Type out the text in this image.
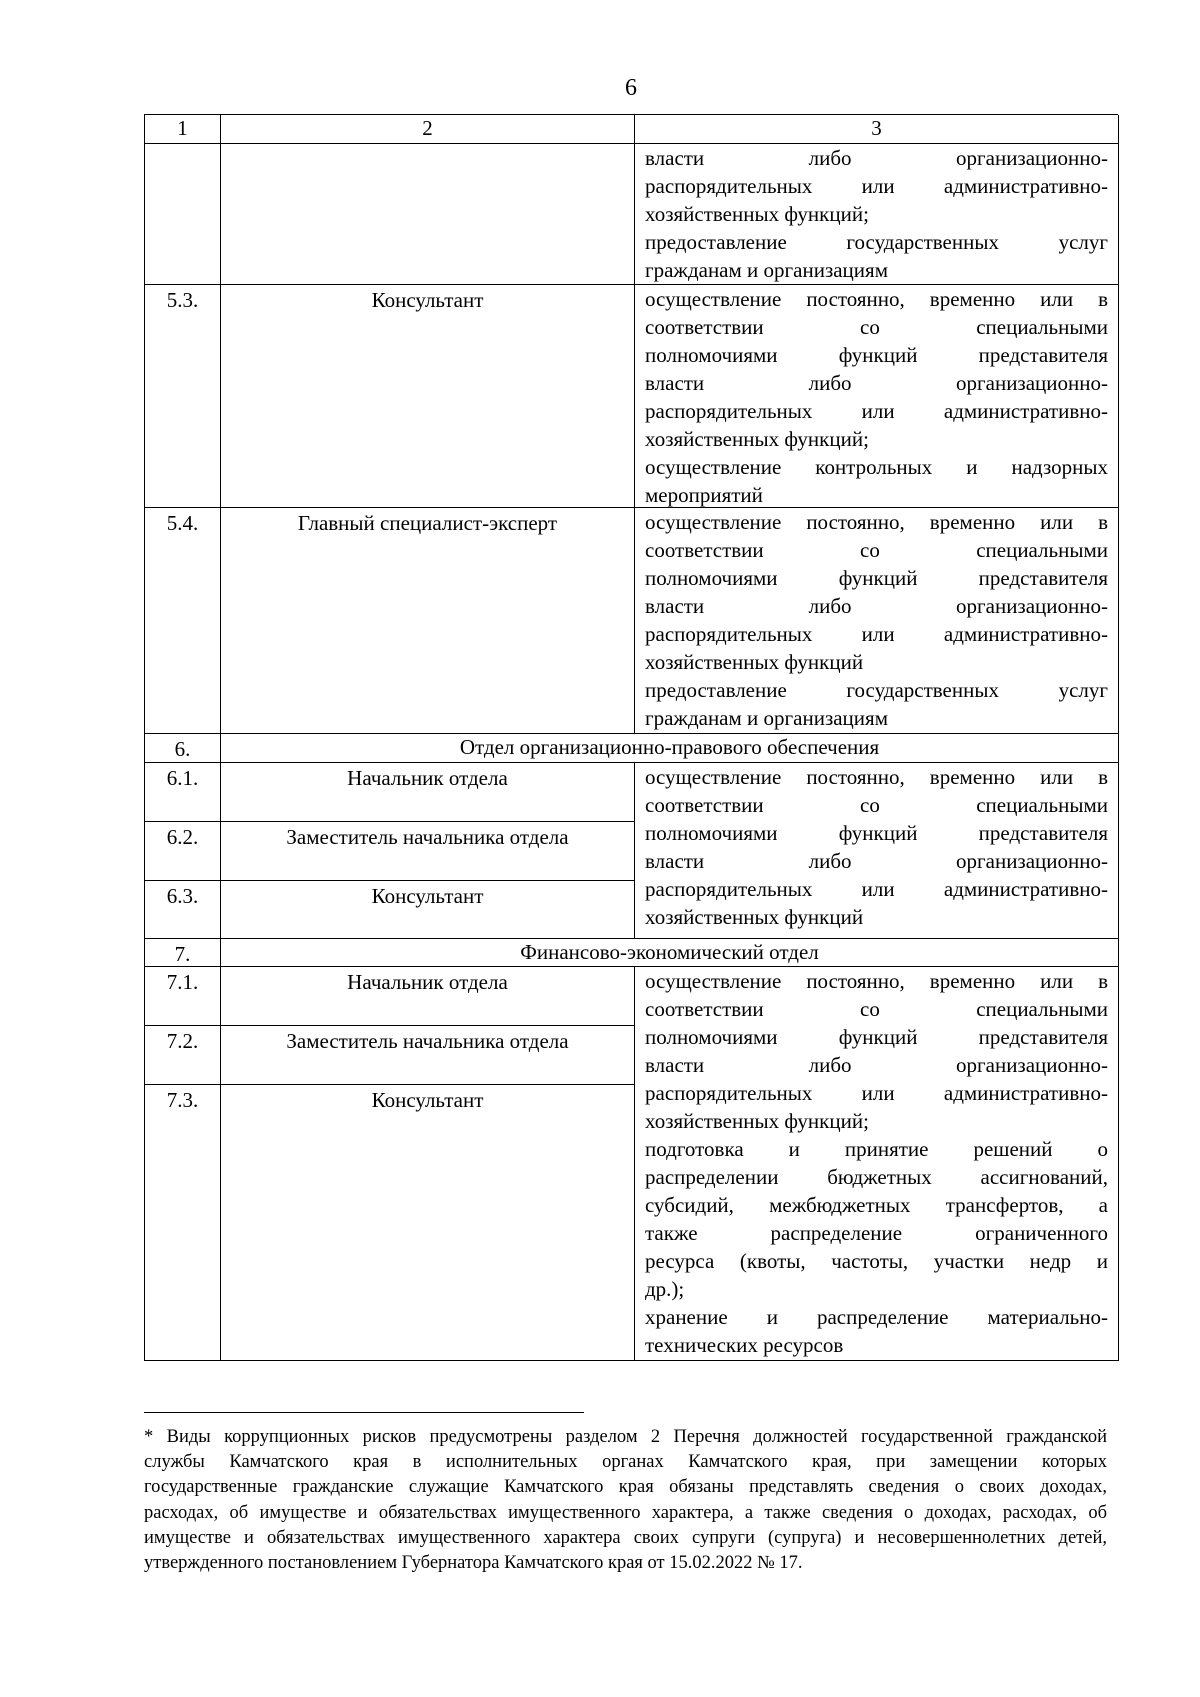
6
1	2	3
власти либо организационно-
распорядительных или административно-
хозяйственных функций;
предоставление государственных услуг
гражданам и организациям
5.3.	Консультант	осуществление постоянно, временно или в
соответствии со специальными
полномочиями функций представителя
власти либо организационно-
распорядительных или административно-
хозяйственных функций;
осуществление контрольных и надзорных
мероприятий
5.4.	Главный специалист-эксперт	осуществление постоянно, временно или в
соответствии со специальными
полномочиями функций представителя
власти либо организационно-
распорядительных или административно-
хозяйственных функций
предоставление государственных услуг
гражданам и организациям
6.	Отдел организационно-правового обеспечения
6.1.	Начальник отдела
6.2.	Заместитель начальника отдела
6.3.	Консультант
осуществление постоянно, временно или в
соответствии со специальными
полномочиями функций представителя
власти либо организационно-
распорядительных или административно-
хозяйственных функций
7.	Финансово-экономический отдел
7.1.	Начальник отдела
7.2.	Заместитель начальника отдела
7.3.	Консультант
осуществление постоянно, временно или в
соответствии со специальными
полномочиями функций представителя
власти либо организационно-
распорядительных или административно-
хозяйственных функций;
подготовка и принятие решений о
распределении бюджетных ассигнований,
субсидий, межбюджетных трансфертов, а
также распределение ограниченного
ресурса (квоты, частоты, участки недр и
др.);
хранение и распределение материально-
технических ресурсов
* Виды коррупционных рисков предусмотрены разделом 2 Перечня должностей государственной гражданской
службы Камчатского края в исполнительных органах Камчатского края, при замещении которых
государственные гражданские служащие Камчатского края обязаны представлять сведения о своих доходах,
расходах, об имуществе и обязательствах имущественного характера, а также сведения о доходах, расходах, об
имуществе и обязательствах имущественного характера своих супруги (супруга) и несовершеннолетних детей,
утвержденного постановлением Губернатора Камчатского края от 15.02.2022 № 17.
